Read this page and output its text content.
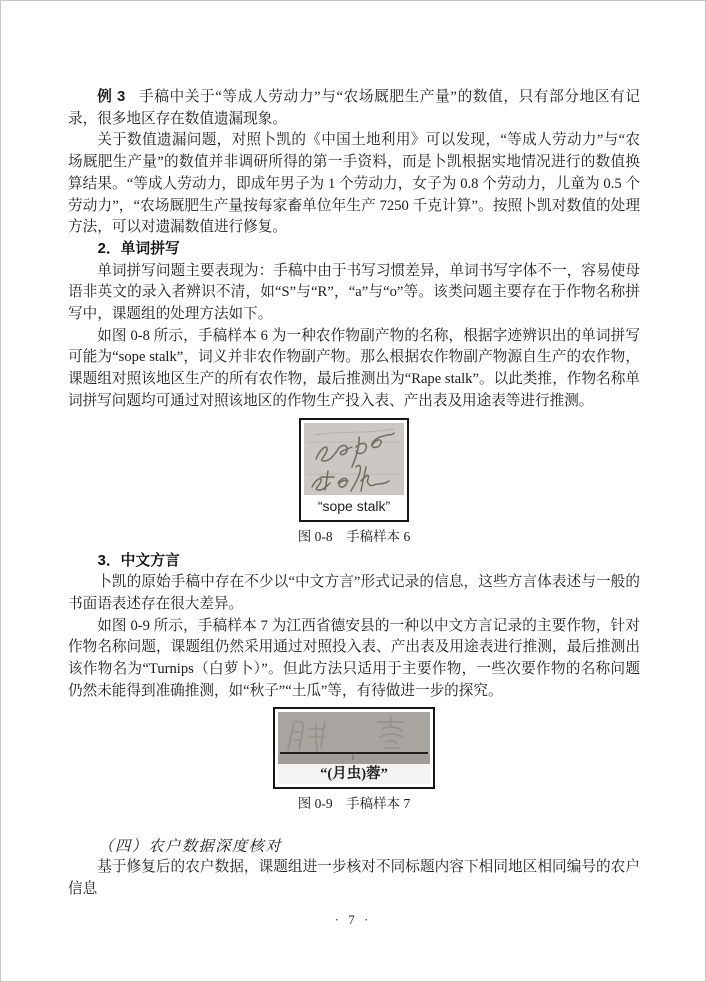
例 3 手稿中关于“等成人劳动力”与“农场厩肥生产量”的数值，只有部分地区有记录，很多地区存在数值遗漏现象。

关于数值遗漏问题，对照卜凯的《中国土地利用》可以发现，“等成人劳动力”与“农场厩肥生产量”的数值并非调研所得的第一手资料，而是卜凯根据实地情况进行的数值换算结果。“等成人劳动力，即成年男子为 1 个劳动力，女子为 0.8 个劳动力，儿童为 0.5 个劳动力”，“农场厩肥生产量按每家畜单位年生产 7250 千克计算”。按照卜凯对数值的处理方法，可以对遗漏数值进行修复。

2．单词拼写

单词拼写问题主要表现为：手稿中由于书写习惯差异，单词书写字体不一，容易使母语非英文的录入者辨识不清，如“S”与“R”，“a”与“o”等。该类问题主要存在于作物名称拼写中，课题组的处理方法如下。

如图 0-8 所示，手稿样本 6 为一种农作物副产物的名称，根据字迹辨识出的单词拼写可能为“sope stalk”，词义并非农作物副产物。那么根据农作物副产物源自生产的农作物，课题组对照该地区生产的所有农作物，最后推测出为“Rape stalk”。以此类推，作物名称单词拼写问题均可通过对照该地区的作物生产投入表、产出表及用途表等进行推测。

“sope stalk”
图 0-8　手稿样本 6
3．中文方言

卜凯的原始手稿中存在不少以“中文方言”形式记录的信息，这些方言体表述与一般的书面语表述存在很大差异。

如图 0-9 所示，手稿样本 7 为江西省德安县的一种以中文方言记录的主要作物，针对作物名称问题，课题组仍然采用通过对照投入表、产出表及用途表进行推测，最后推测出该作物名为“Turnips（白萝卜）”。但此方法只适用于主要作物，一些次要作物的名称问题仍然未能得到准确推测，如“秋子”“土瓜”等，有待做进一步的探究。

“(月虫)蓉”
图 0-9　手稿样本 7
（四）农户数据深度核对

基于修复后的农户数据，课题组进一步核对不同标题内容下相同地区相同编号的农户信息

· 7 ·
